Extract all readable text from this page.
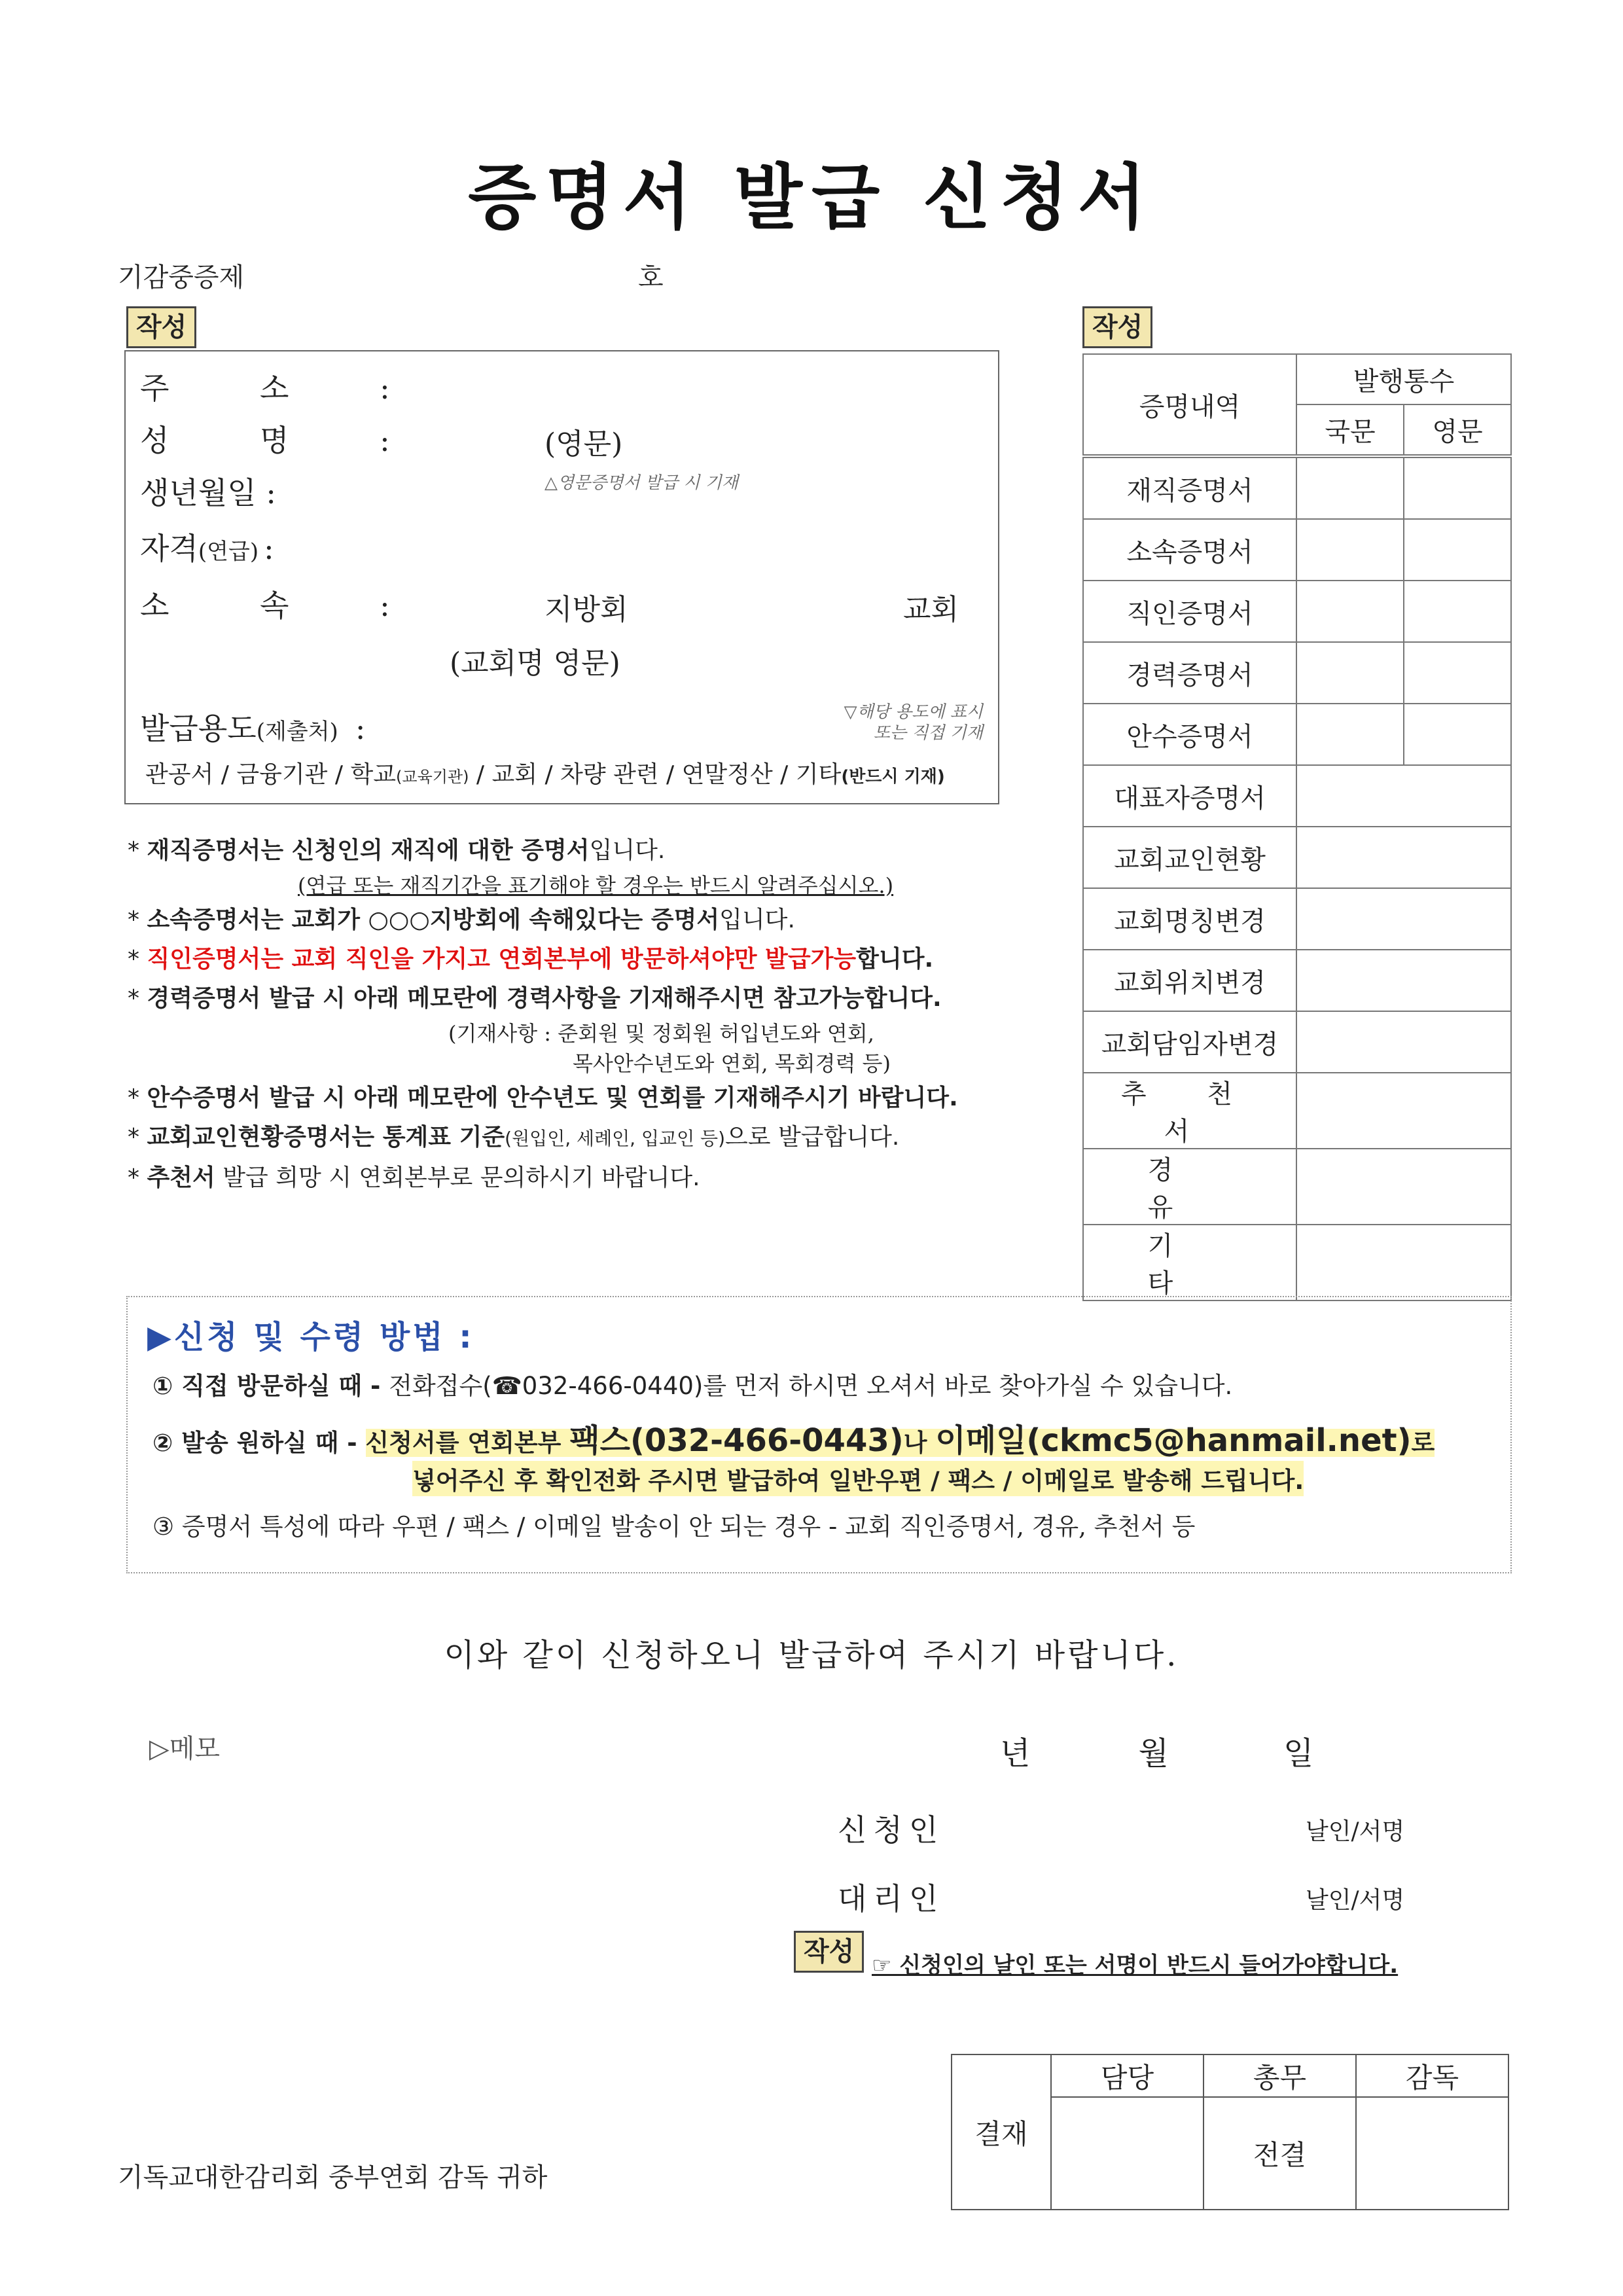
증명서 발급 신청서
기감중증제	호
작성
주 소 :
성 명 :	(영문)
△영문증명서 발급 시 기재
생년월일 :
자격(연급) :
소 속 :	지방회	교회
(교회명 영문)
발급용도(제출처) :	▽해당 용도에 표시
또는 직접 기재
관공서 / 금융기관 / 학교(교육기관) / 교회 / 차량 관련 / 연말정산 / 기타(반드시 기재)
작성
증명내역	발행통수	
	국문	영문
재직증명서		
소속증명서		
직인증명서		
경력증명서		
안수증명서		
대표자증명서		
교회교인현황		
교회명칭변경		
교회위치변경		
교회담임자변경		
추 천 서		
경 유		
기 타		
* 재직증명서는 신청인의 재직에 대한 증명서입니다.
(연급 또는 재직기간을 표기해야 할 경우는 반드시 알려주십시오.)
* 소속증명서는 교회가 ○○○지방회에 속해있다는 증명서입니다.
* 직인증명서는 교회 직인을 가지고 연회본부에 방문하셔야만 발급가능합니다.
* 경력증명서 발급 시 아래 메모란에 경력사항을 기재해주시면 참고가능합니다.
(기재사항 : 준회원 및 정회원 허입년도와 연회,
목사안수년도와 연회, 목회경력 등)
* 안수증명서 발급 시 아래 메모란에 안수년도 및 연회를 기재해주시기 바랍니다.
* 교회교인현황증명서는 통계표 기준(원입인, 세례인, 입교인 등)으로 발급합니다.
* 추천서 발급 희망 시 연회본부로 문의하시기 바랍니다.
▶신청 및 수령 방법 :
① 직접 방문하실 때 - 전화접수(☎032-466-0440)를 먼저 하시면 오셔서 바로 찾아가실 수 있습니다.
② 발송 원하실 때 - 신청서를 연회본부 팩스(032-466-0443)나 이메일(ckmc5@hanmail.net)로
넣어주신 후 확인전화 주시면 발급하여 일반우편 / 팩스 / 이메일로 발송해 드립니다.
③ 증명서 특성에 따라 우편 / 팩스 / 이메일 발송이 안 되는 경우 - 교회 직인증명서, 경유, 추천서 등
이와 같이 신청하오니 발급하여 주시기 바랍니다.
▷메모	년	월	일
신청인	날인/서명
대리인	날인/서명
작성 ☞ 신청인의 날인 또는 서명이 반드시 들어가야합니다.
결재	담당	총무	감독
		전결	
기독교대한감리회 중부연회 감독 귀하
